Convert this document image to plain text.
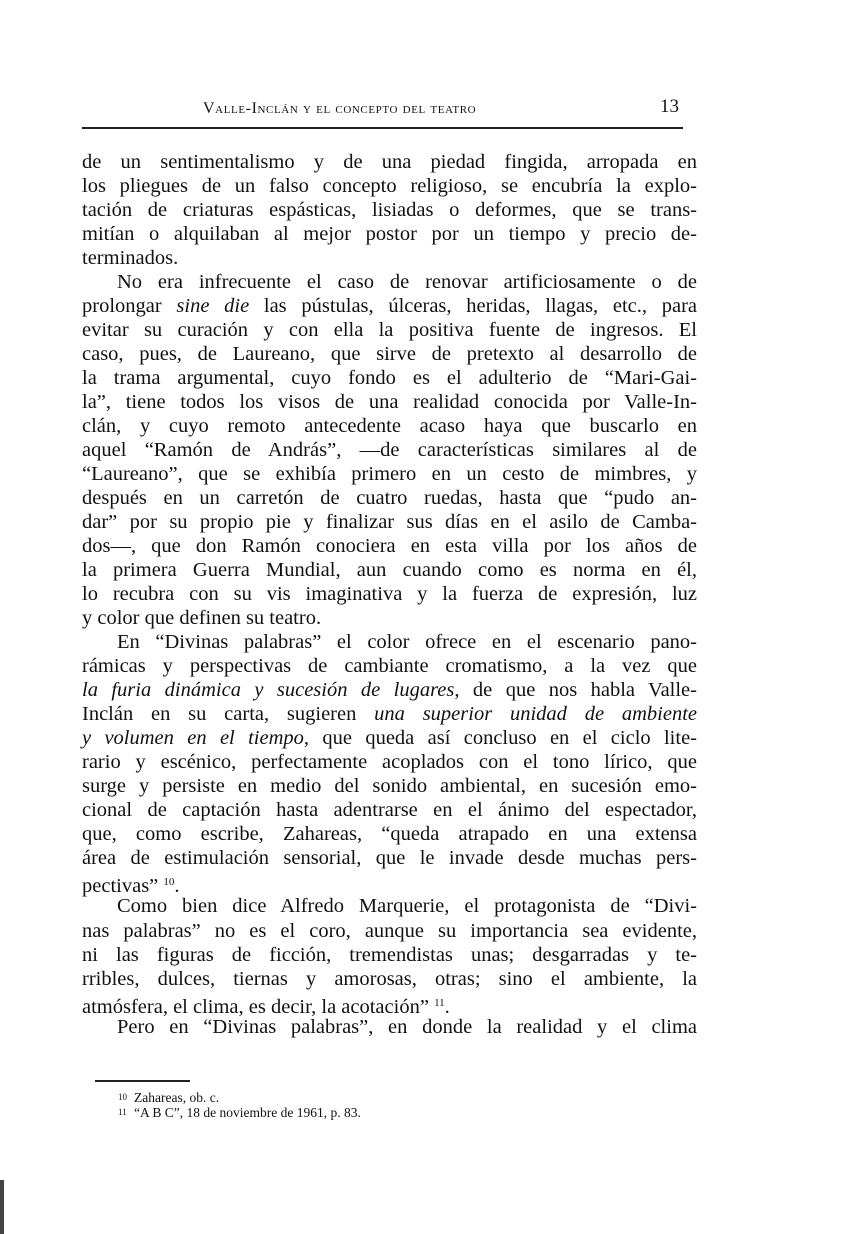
Valle-Inclán y el concepto del teatro	13
de un sentimentalismo y de una piedad fingida, arropada en
los pliegues de un falso concepto religioso, se encubría la explo-
tación de criaturas espásticas, lisiadas o deformes, que se trans-
mitían o alquilaban al mejor postor por un tiempo y precio de-
terminados.
No era infrecuente el caso de renovar artificiosamente o de
prolongar sine die las pústulas, úlceras, heridas, llagas, etc., para
evitar su curación y con ella la positiva fuente de ingresos. El
caso, pues, de Laureano, que sirve de pretexto al desarrollo de
la trama argumental, cuyo fondo es el adulterio de “Mari-Gai-
la”, tiene todos los visos de una realidad conocida por Valle-In-
clán, y cuyo remoto antecedente acaso haya que buscarlo en
aquel “Ramón de András”, —de características similares al de
“Laureano”, que se exhibía primero en un cesto de mimbres, y
después en un carretón de cuatro ruedas, hasta que “pudo an-
dar” por su propio pie y finalizar sus días en el asilo de Camba-
dos—, que don Ramón conociera en esta villa por los años de
la primera Guerra Mundial, aun cuando como es norma en él,
lo recubra con su vis imaginativa y la fuerza de expresión, luz
y color que definen su teatro.
En “Divinas palabras” el color ofrece en el escenario pano-
rámicas y perspectivas de cambiante cromatismo, a la vez que
la furia dinámica y sucesión de lugares, de que nos habla Valle-
Inclán en su carta, sugieren una superior unidad de ambiente
y volumen en el tiempo, que queda así concluso en el ciclo lite-
rario y escénico, perfectamente acoplados con el tono lírico, que
surge y persiste en medio del sonido ambiental, en sucesión emo-
cional de captación hasta adentrarse en el ánimo del espectador,
que, como escribe, Zahareas, “queda atrapado en una extensa
área de estimulación sensorial, que le invade desde muchas pers-
pectivas” $^{10}$.
Como bien dice Alfredo Marquerie, el protagonista de “Divi-
nas palabras” no es el coro, aunque su importancia sea evidente,
ni las figuras de ficción, tremendistas unas; desgarradas y te-
rribles, dulces, tiernas y amorosas, otras; sino el ambiente, la
atmósfera, el clima, es decir, la acotación” $^{11}$.
Pero en “Divinas palabras”, en donde la realidad y el clima
10 Zahareas, ob. c.
11 “A B C”, 18 de noviembre de 1961, p. 83.
